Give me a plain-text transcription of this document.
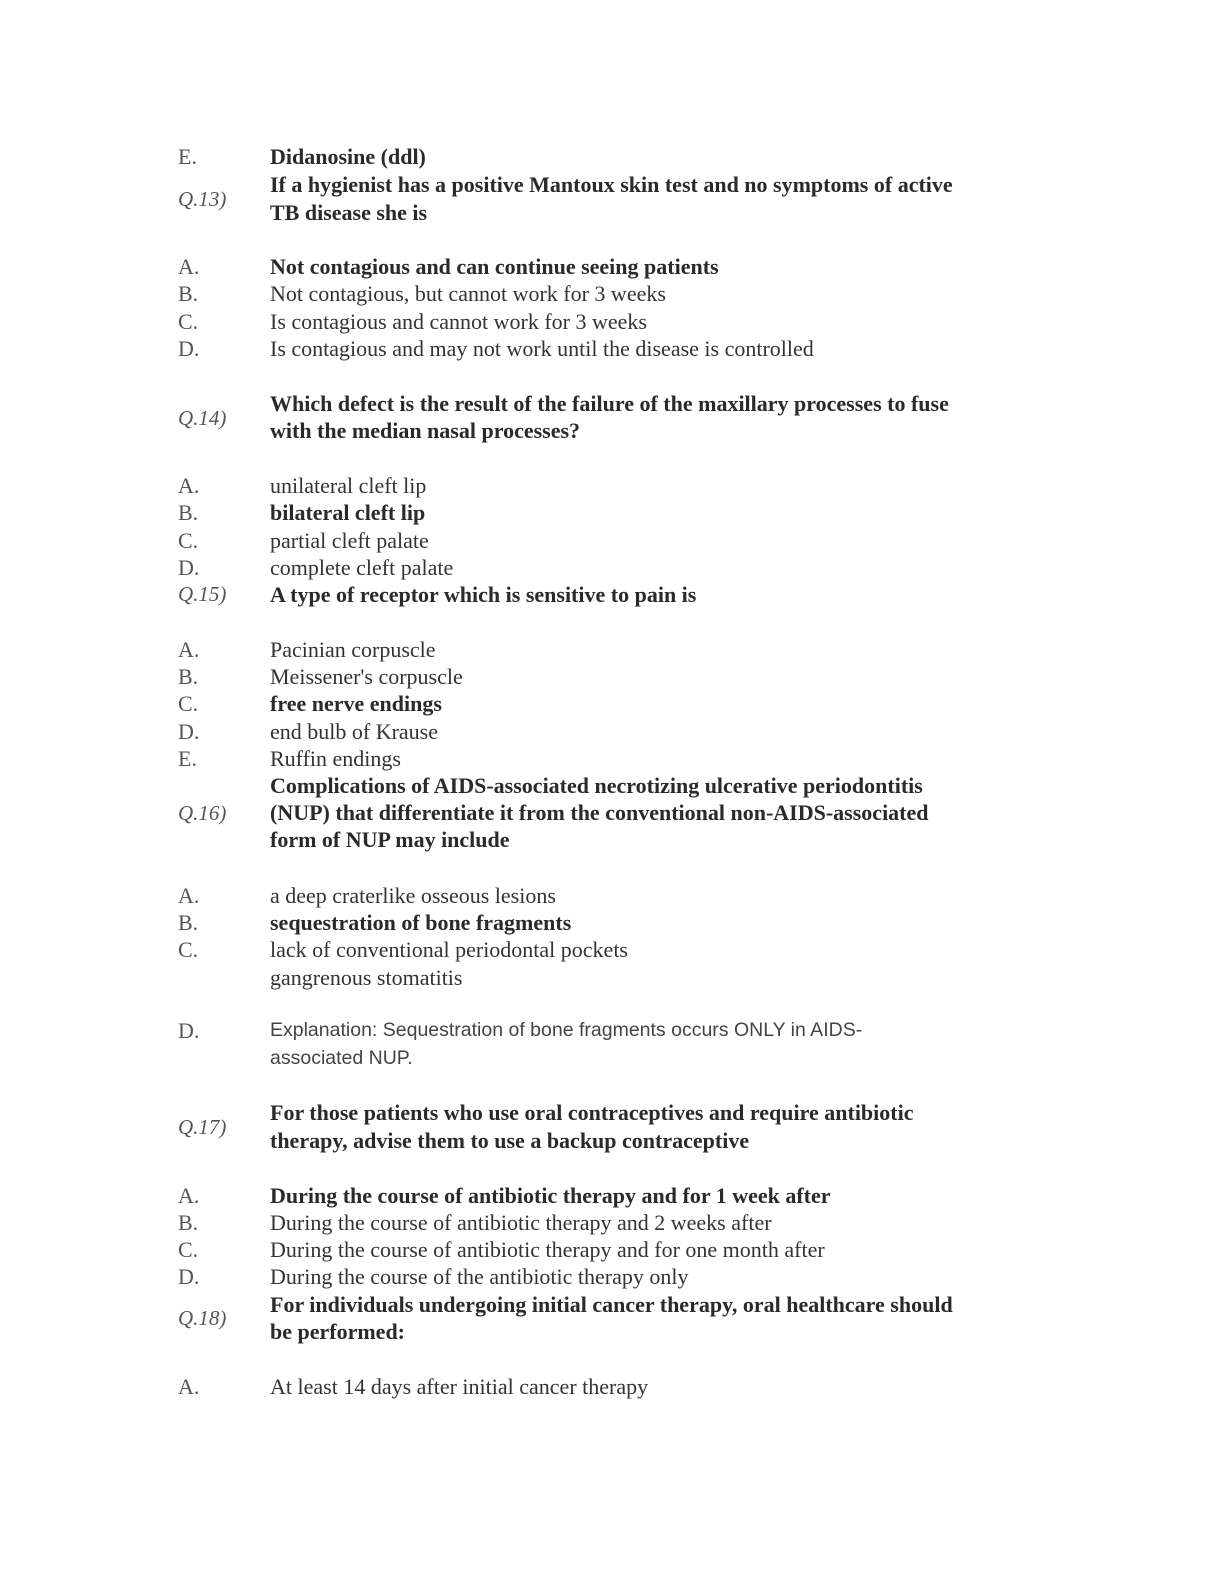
E.	Didanosine (ddl)
Q.13)
If a hygienist has a positive Mantoux skin test and no symptoms of active
TB disease she is
A.	Not contagious and can continue seeing patients
B.	Not contagious, but cannot work for 3 weeks
C.	Is contagious and cannot work for 3 weeks
D.	Is contagious and may not work until the disease is controlled
Q.14)
Which defect is the result of the failure of the maxillary processes to fuse
with the median nasal processes?
A.	unilateral cleft lip
B.	bilateral cleft lip
C.	partial cleft palate
D.	complete cleft palate
Q.15) A type of receptor which is sensitive to pain is
A.	Pacinian corpuscle
B.	Meissener's corpuscle
C.	free nerve endings
D.	end bulb of Krause
E.	Ruffin endings
Q.16)
Complications of AIDS-associated necrotizing ulcerative periodontitis
(NUP) that differentiate it from the conventional non-AIDS-associated
form of NUP may include
A.	a deep craterlike osseous lesions
B.	sequestration of bone fragments
C.	lack of conventional periodontal pockets
gangrenous stomatitis
D.	Explanation: Sequestration of bone fragments occurs ONLY in AIDS-
associated NUP.
Q.17)
For those patients who use oral contraceptives and require antibiotic
therapy, advise them to use a backup contraceptive
A.	During the course of antibiotic therapy and for 1 week after
B.	During the course of antibiotic therapy and 2 weeks after
C.	During the course of antibiotic therapy and for one month after
D.	During the course of the antibiotic therapy only
Q.18)
For individuals undergoing initial cancer therapy, oral healthcare should
be performed:
A.	At least 14 days after initial cancer therapy
